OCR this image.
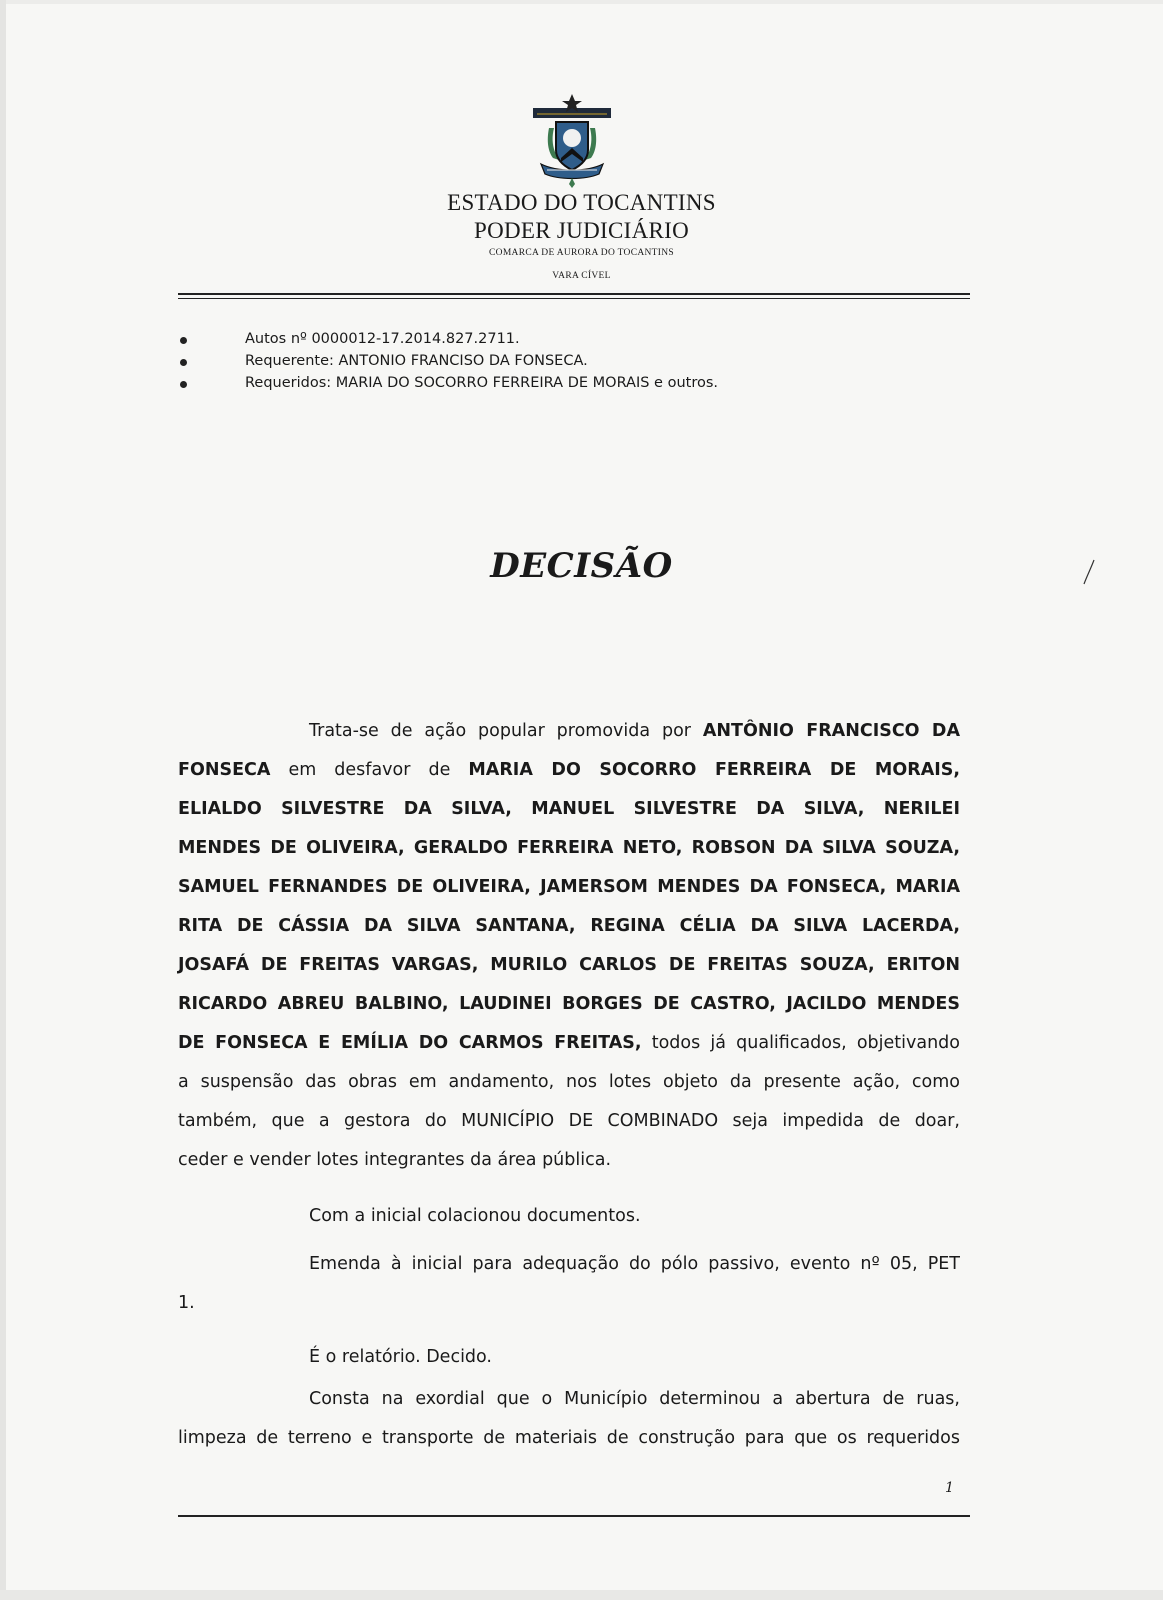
ESTADO DO TOCANTINS
PODER JUDICIÁRIO
COMARCA DE AURORA DO TOCANTINS
VARA CÍVEL
Autos nº 0000012-17.2014.827.2711.
Requerente: ANTONIO FRANCISO DA FONSECA.
Requeridos: MARIA DO SOCORRO FERREIRA DE MORAIS e outros.
DECISÃO
Trata-se de ação popular promovida por ANTÔNIO FRANCISCO DA
FONSECA em desfavor de MARIA DO SOCORRO FERREIRA DE MORAIS,
ELIALDO SILVESTRE DA SILVA, MANUEL SILVESTRE DA SILVA, NERILEI
MENDES DE OLIVEIRA, GERALDO FERREIRA NETO, ROBSON DA SILVA SOUZA,
SAMUEL FERNANDES DE OLIVEIRA, JAMERSOM MENDES DA FONSECA, MARIA
RITA DE CÁSSIA DA SILVA SANTANA, REGINA CÉLIA DA SILVA LACERDA,
JOSAFÁ DE FREITAS VARGAS, MURILO CARLOS DE FREITAS SOUZA, ERITON
RICARDO ABREU BALBINO, LAUDINEI BORGES DE CASTRO, JACILDO MENDES
DE FONSECA E EMÍLIA DO CARMOS FREITAS, todos já qualificados, objetivando
a suspensão das obras em andamento, nos lotes objeto da presente ação, como
também, que a gestora do MUNICÍPIO DE COMBINADO seja impedida de doar,
ceder e vender lotes integrantes da área pública.
Com a inicial colacionou documentos.
Emenda à inicial para adequação do pólo passivo, evento nº 05, PET
1.
É o relatório. Decido.
Consta na exordial que o Município determinou a abertura de ruas,
limpeza de terreno e transporte de materiais de construção para que os requeridos
1
